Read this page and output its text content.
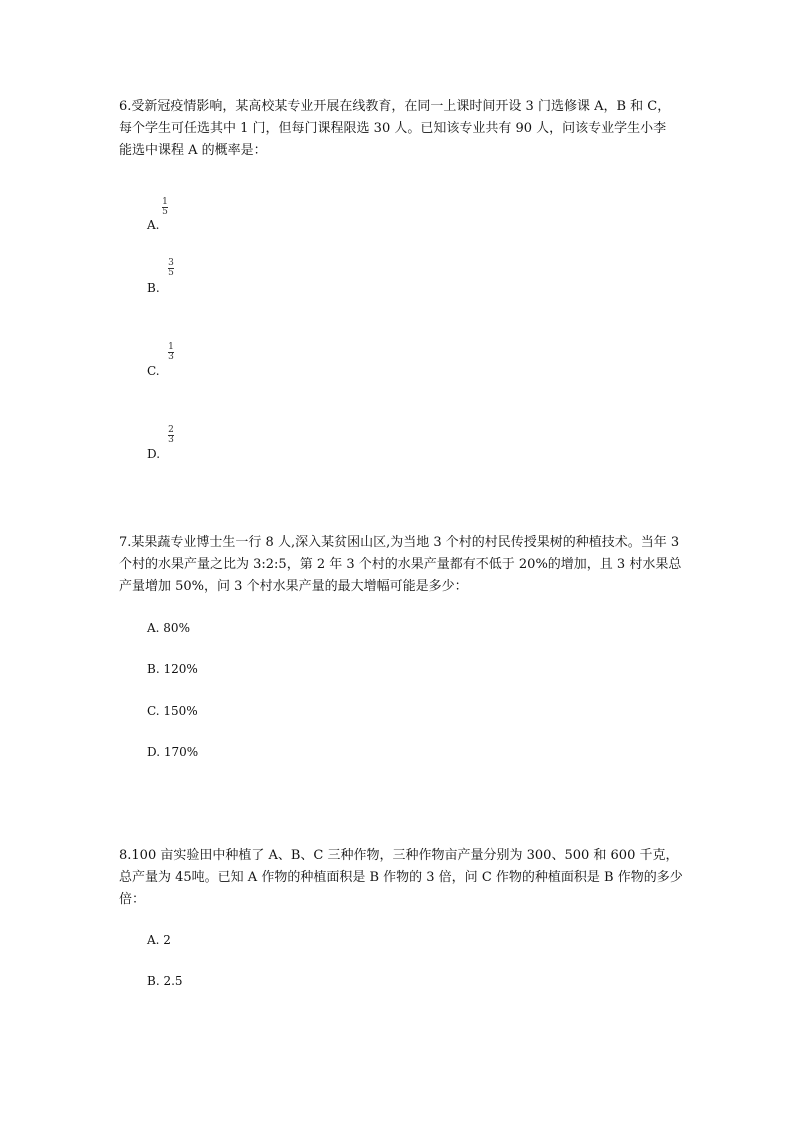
6.受新冠疫情影响，某高校某专业开展在线教育，在同一上课时间开设 3 门选修课 A，B 和 C，每个学生可任选其中 1 门，但每门课程限选 30 人。已知该专业共有 90 人，问该专业学生小李能选中课程 A 的概率是：

A.
1
5
B.
3
5
C.
1
3
D.
2
3

7.某果蔬专业博士生一行 8 人,深入某贫困山区,为当地 3 个村的村民传授果树的种植技术。当年 3 个村的水果产量之比为 3:2:5，第 2 年 3 个村的水果产量都有不低于 20%的增加，且 3 村水果总产量增加 50%，问 3 个村水果产量的最大增幅可能是多少：

A. 80%
B. 120%
C. 150%
D. 170%

8.100 亩实验田中种植了 A、B、C 三种作物，三种作物亩产量分别为 300、500 和 600 千克，总产量为 45吨。已知 A 作物的种植面积是 B 作物的 3 倍，问 C 作物的种植面积是 B 作物的多少倍：

A. 2
B. 2.5
